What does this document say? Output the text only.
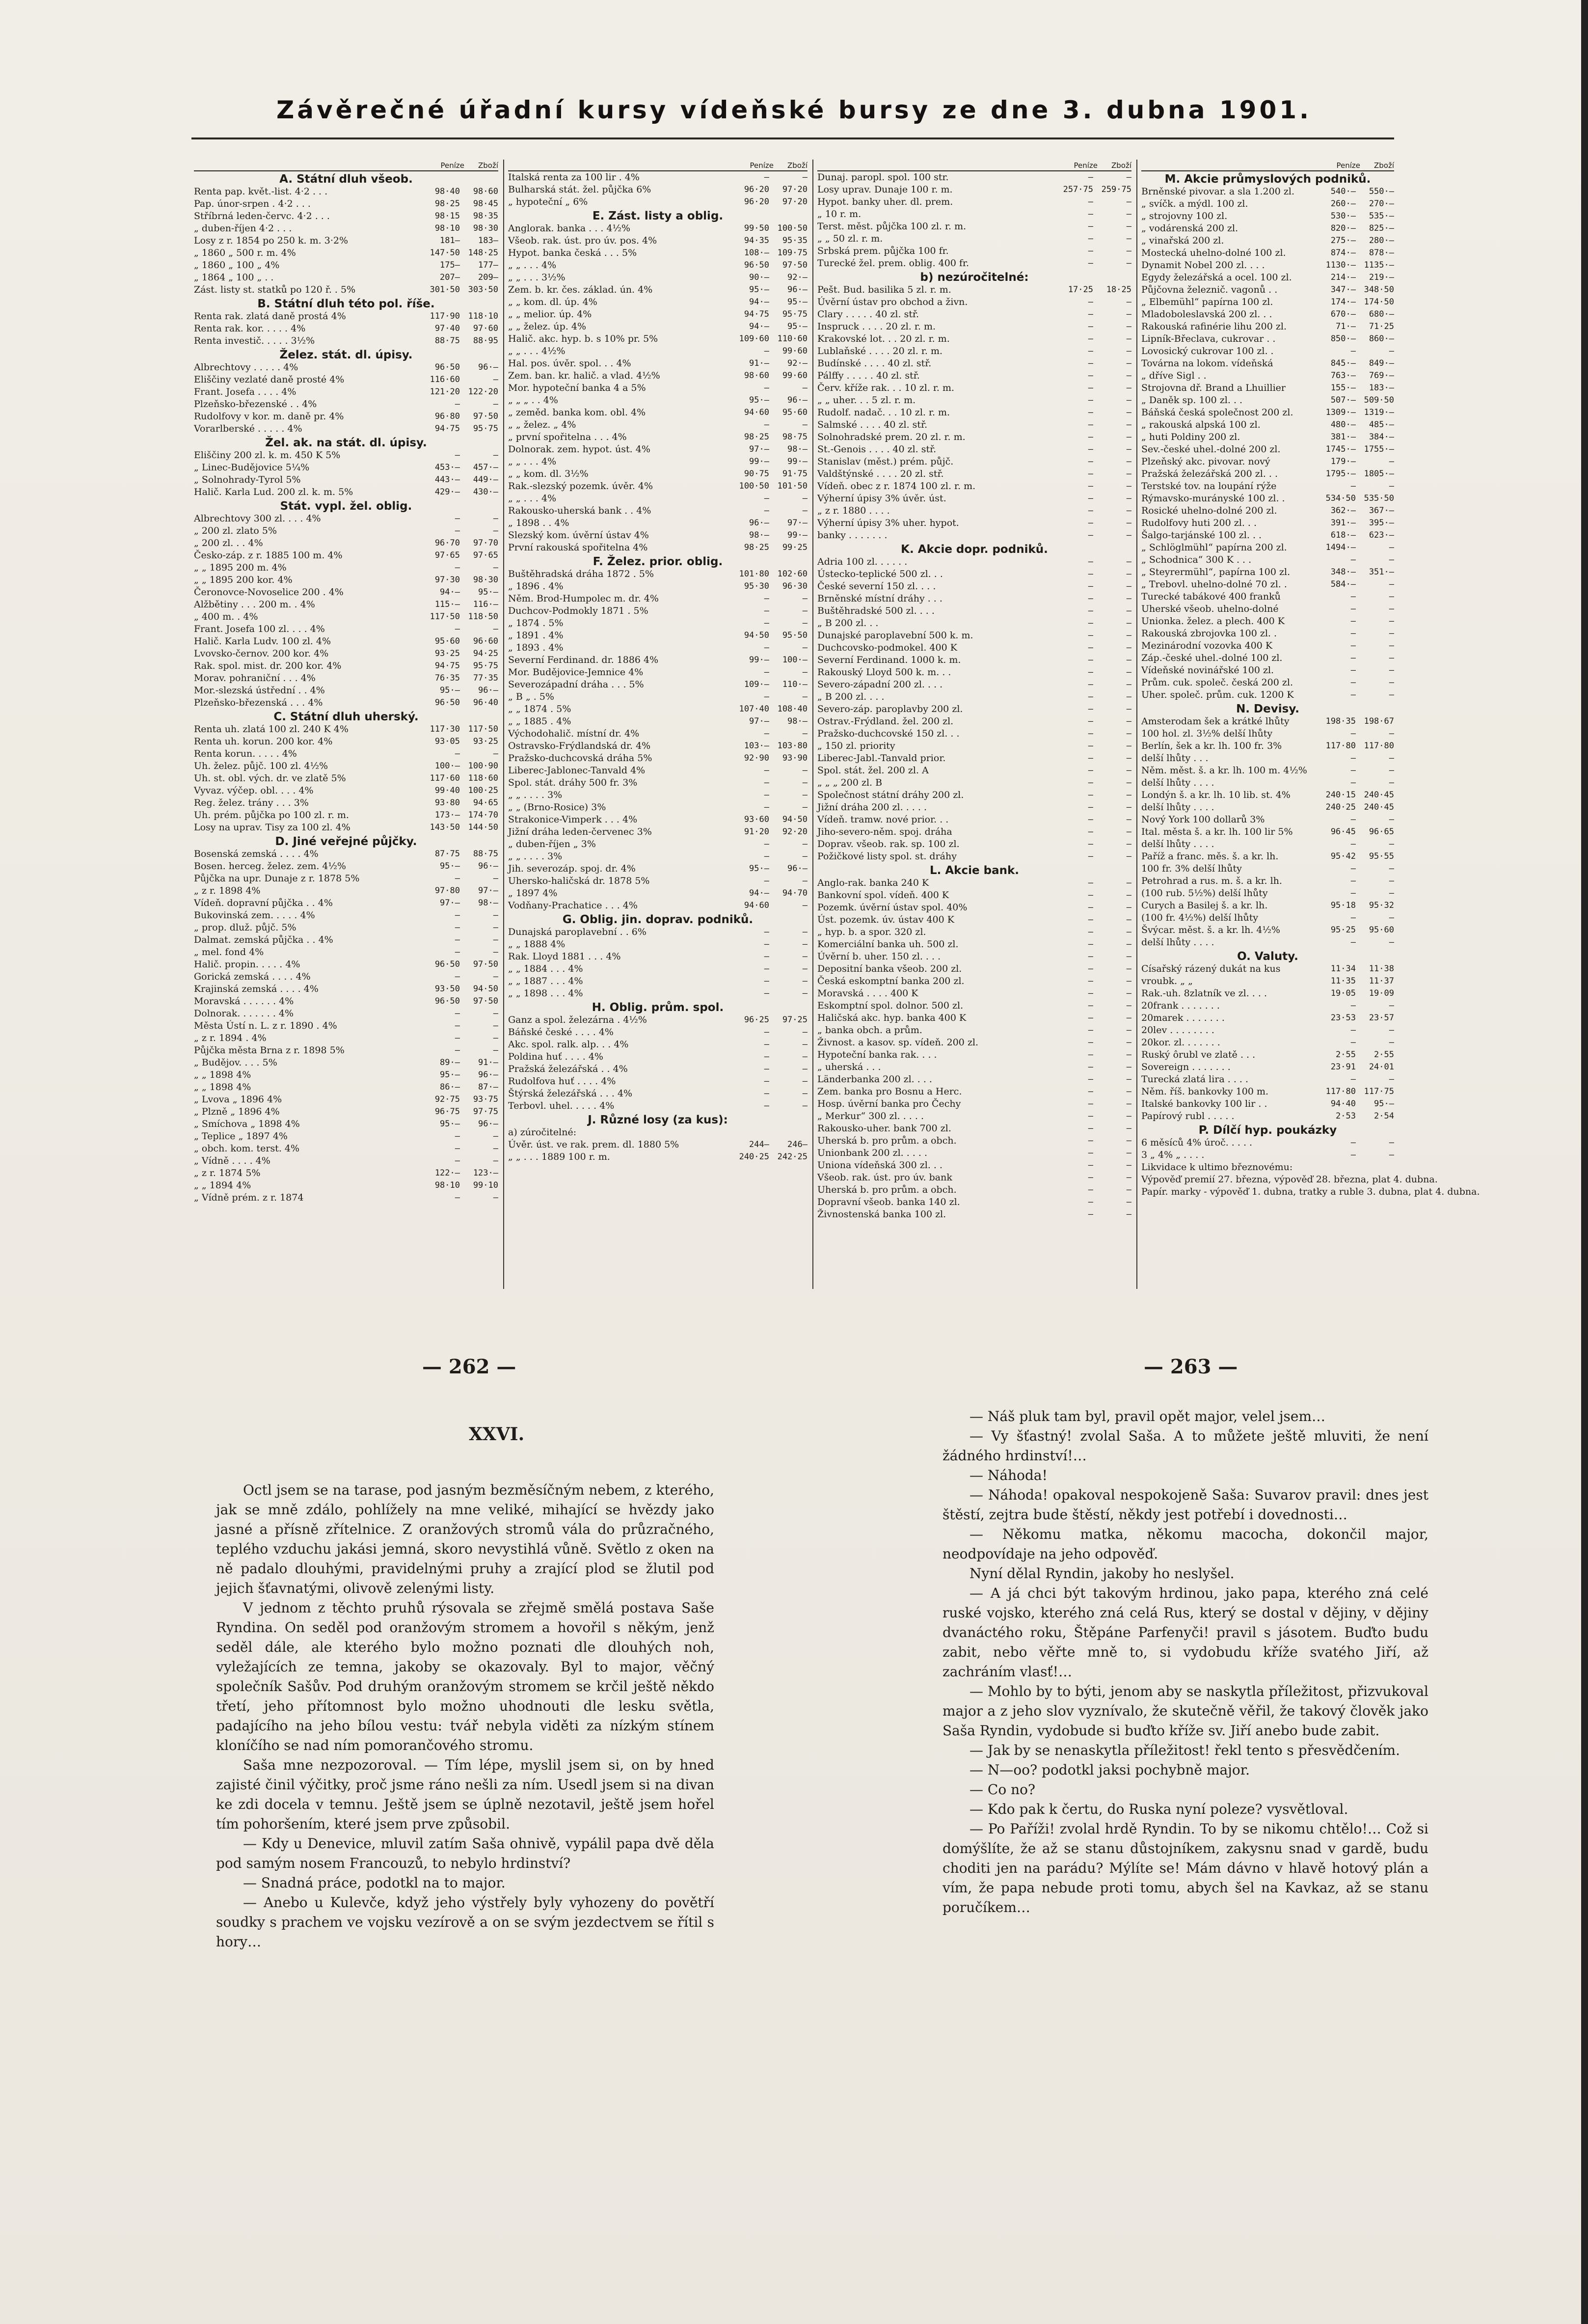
Závěrečné úřadní kursy vídeňské bursy ze dne 3. dubna 1901.
Peníze Zboží
A. Státní dluh všeob.
Renta pap. květ.-list. 4·2 . . .	98·40	98·60
Pap. únor-srpen . 4·2 . . .	98·25	98·45
Stříbrná leden-červc. 4·2 . . .	98·15	98·35
„ duben-říjen 4·2 . . .	98·10	98·30
Losy z r. 1854 po 250 k. m. 3·2%	181—	183—
„ 1860 „ 500 r. m. 4%	147·50 148·25
„ 1860 „ 100 „ 4%	175—	177—
„ 1864 „ 100 „ . .	207—	209—
Zást. listy st. statků po 120 ř. . 5%	301·50 303·50
B. Státní dluh této pol. říše.
Renta rak. zlatá daně prostá 4%	117·90 118·10
Renta rak. kor. . . . . 4%	97·40	97·60
Renta investič. . . . . 3½%	88·75	88·95
Želez. stát. dl. úpisy.
Albrechtovy . . . . . 4%	96·50	96·—
Eliščiny vezlaté daně prosté 4%	116·60	—
Frant. Josefa . . . . 4%	121·20 122·20
Plzeňsko-březenské . . 4%	—	—
Rudolfovy v kor. m. daně pr. 4%	96·80	97·50
Vorarlberské . . . . . 4%	94·75	95·75
Žel. ak. na stát. dl. úpisy.
Eliščiny 200 zl. k. m. 450 K 5%	—	—
„ Linec-Budějovice 5¼%	453·—	457·—
„ Solnohrady-Tyrol 5%	443·—	449·—
Halič. Karla Lud. 200 zl. k. m. 5%	429·—	430·—
Stát. vypl. žel. oblig.
Albrechtovy 300 zl. . . . 4%	—	—
„ 200 zl. zlato 5%	—	—
„ 200 zl. . . 4%	96·70	97·70
Česko-záp. z r. 1885 100 m. 4%	97·65	97·65
„ „ 1895 200 m. 4%	—	—
„ „ 1895 200 kor. 4%	97·30	98·30
Čeronovce-Novoselice 200 . 4%	94·—	95·—
Alžbětiny . . . 200 m. . 4%	115·—	116·—
„ 400 m. . 4%	117·50 118·50
Frant. Josefa 100 zl. . . . 4%	—	—
Halič. Karla Ludv. 100 zl. 4%	95·60	96·60
Lvovsko-černov. 200 kor. 4%	93·25	94·25
Rak. spol. mist. dr. 200 kor. 4%	94·75	95·75
Morav. pohraniční . . . 4%	76·35	77·35
Mor.-slezská ústřední . . 4%	95·—	96·—
Plzeňsko-březenská . . . 4%	96·50	96·40
C. Státní dluh uherský.
Renta uh. zlatá 100 zl. 240 K 4%	117·30 117·50
Renta uh. korun. 200 kor. 4%	93·05	93·25
Renta korun. . . . . 4%	—	—
Uh. želez. půjč. 100 zl. 4½%	100·— 100·90
Uh. st. obl. vých. dr. ve zlatě 5%	117·60 118·60
Vyvaz. výčep. obl. . . . 4%	99·40 100·25
Reg. želez. trány . . . 3%	93·80	94·65
Uh. prém. půjčka po 100 zl. r. m.	173·— 174·70
Losy na uprav. Tisy za 100 zl. 4%	143·50 144·50
D. Jiné veřejné půjčky.
Bosenská zemská . . . . 4%	87·75	88·75
Bosen. herceg. želez. zem. 4½%	95·—	96·—
Půjčka na upr. Dunaje z r. 1878 5%	—	—
„ z r. 1898 4%	97·80	97·—
Vídeň. dopravní půjčka . . 4%	97·—	98·—
Bukovinská zem. . . . . 4%	—	—
„ prop. dluž. půjč. 5%	—	—
Dalmat. zemská půjčka . . 4%	—	—
„ mel. fond 4%	—	—
Halič. propin. . . . . 4%	96·50	97·50
Gorická zemská . . . . 4%	—	—
Krajinská zemská . . . . 4%	93·50	94·50
Moravská . . . . . . 4%	96·50	97·50
Dolnorak. . . . . . . 4%	—	—
Města Ústí n. L. z r. 1890 . 4%	—	—
„ z r. 1894 . 4%	—	—
Půjčka města Brna z r. 1898 5%	—	—
„ Budějov. . . . 5%	89·—	91·—
„ „ 1898 4%	95·—	96·—
„ „ 1898 4%	86·—	87·—
„ Lvova „ 1896 4%	92·75	93·75
„ Plzně „ 1896 4%	96·75	97·75
„ Smíchova „ 1898 4%	95·—	96·—
„ Teplice „ 1897 4%	—	—
„ obch. kom. terst. 4%	—	—
„ Vídně . . . . 4%	—	—
„ z r. 1874 5%	122·—	123·—
„ „ 1894 4%	98·10	99·10
„ Vídně prém. z r. 1874	—	—
Peníze Zboží
Italská renta za 100 lir . 4%	—	—
Bulharská stát. žel. půjčka 6%	96·20	97·20
„ hypoteční „ 6%	96·20	97·20
E. Zást. listy a oblig.
Anglorak. banka . . . 4½%	99·50 100·50
Všeob. rak. úst. pro úv. pos. 4%	94·35	95·35
Hypot. banka česká . . . 5%	108·— 109·75
„ „ . . . 4%	96·50	97·50
„ „ . . . 3½%	90·—	92·—
Zem. b. kr. čes. základ. ún. 4%	95·—	96·—
„ „ kom. dl. úp. 4%	94·—	95·—
„ „ melior. úp. 4%	94·75	95·75
„ „ želez. úp. 4%	94·—	95·—
Halič. akc. hyp. b. s 10% pr. 5%	109·60 110·60
„ „ . . . 4½%	—	99·60
Hal. pos. úvěr. spol. . . 4%	91·—	92·—
Zem. ban. kr. halič. a vlad. 4½%	98·60	99·60
Mor. hypoteční banka 4 a 5%	—	—
„ „ „ . . 4%	95·—	96·—
„ zeměd. banka kom. obl. 4%	94·60	95·60
„ „ želez. „ 4%	—	—
„ první spořitelna . . . 4%	98·25	98·75
Dolnorak. zem. hypot. úst. 4%	97·—	98·—
„ „ . . . 4%	99·—	99·—
„ „ kom. dl. 3½%	90·75	91·75
Rak.-slezský pozemk. úvěr. 4%	100·50 101·50
„ „ . . . 4%	—	—
Rakousko-uherská bank . . 4%	—	—
„ 1898 . . 4%	96·—	97·—
Slezský kom. úvěrní ústav 4%	98·—	99·—
První rakouská spořitelna 4%	98·25	99·25
F. Želez. prior. oblig.
Buštěhradská dráha 1872 . 5%	101·80 102·60
„ 1896 . 4%	95·30	96·30
Něm. Brod-Humpolec m. dr. 4%	—	—
Duchcov-Podmokly 1871 . 5%	—	—
„ 1874 . 5%	—	—
„ 1891 . 4%	94·50	95·50
„ 1893 . 4%	—	—
Severní Ferdinand. dr. 1886 4%	99·—	100·—
Mor. Budějovice-Jemnice 4%	—	—
Severozápadní dráha . . . 5%	109·—	110·—
„ B „ . 5%	—	—
„ „ 1874 . 5%	107·40 108·40
„ „ 1885 . 4%	97·—	98·—
Východohalič. místní dr. 4%	—	—
Ostravsko-Frýdlandská dr. 4%	103·— 103·80
Pražsko-duchcovská dráha 5%	92·90	93·90
Liberec-Jablonec-Tanvald 4%	—	—
Spol. stát. dráhy 500 fr. 3%	—	—
„ „ . . . . 3%	—	—
„ „ (Brno-Rosice) 3%	—	—
Strakonice-Vimperk . . . 4%	93·60	94·50
Jižní dráha leden-červenec 3%	91·20	92·20
„ duben-říjen „ 3%	—	—
„ „ . . . . 3%	—	—
Jih. severozáp. spoj. dr. 4%	95·—	96·—
Uhersko-haličská dr. 1878 5%	—	—
„ 1897 4%	94·—	94·70
Vodňany-Prachatice . . . 4%	94·60	—
G. Oblig. jin. doprav. podniků.
Dunajská paroplavební . . 6%	—	—
„ „ 1888 4%	—	—
Rak. Lloyd 1881 . . . 4%	—	—
„ „ 1884 . . . 4%	—	—
„ „ 1887 . . . 4%	—	—
„ „ 1898 . . . 4%	—	—
H. Oblig. prům. spol.
Ganz a spol. železárna . 4½%	96·25	97·25
Báňské české . . . . 4%	—	—
Akc. spol. ralk. alp. . . 4%	—	—
Poldina huť . . . . 4%	—	—
Pražská železářská . . 4%	—	—
Rudolfova huť . . . . 4%	—	—
Štýrská železářská . . . 4%	—	—
Terbovl. uhel. . . . . 4%	—	—
J. Různé losy (za kus):
a) zúročitelné:
Úvěr. úst. ve rak. prem. dl. 1880 5%	244—	246—
„ „ . . . 1889 100 r. m.	240·25 242·25
Peníze Zboží
Dunaj. paropl. spol. 100 str.	—	—
Losy uprav. Dunaje 100 r. m.	257·75 259·75
Hypot. banky uher. dl. prem.	—	—
„ 10 r. m.	—	—
Terst. měst. půjčka 100 zl. r. m.	—	—
„ „ 50 zl. r. m.	—	—
Srbská prem. půjčka 100 fr.	—	—
Turecké žel. prem. oblig. 400 fr.	—	—
b) nezúročitelné:
Pešt. Bud. basilika 5 zl. r. m.	17·25	18·25
Úvěrní ústav pro obchod a živn.	—	—
Clary . . . . . 40 zl. stř.	—	—
Inspruck . . . . 20 zl. r. m.	—	—
Krakovské lot. . . 20 zl. r. m.	—	—
Lublaňské . . . . 20 zl. r. m.	—	—
Budínské . . . . 40 zl. stř.	—	—
Pálffy . . . . . 40 zl. stř.	—	—
Červ. kříže rak. . . 10 zl. r. m.	—	—
„ „ uher. . . 5 zl. r. m.	—	—
Rudolf. nadač. . . 10 zl. r. m.	—	—
Salmské . . . . 40 zl. stř.	—	—
Solnohradské prem. 20 zl. r. m.	—	—
St.-Genois . . . . 40 zl. stř.	—	—
Stanislav (měst.) prém. půjč.	—	—
Valdštýnské . . . . 20 zl. stř.	—	—
Vídeň. obec z r. 1874 100 zl. r. m.	—	—
Výherní úpisy 3% úvěr. úst.	—	—
„ z r. 1880 . . . .	—	—
Výherní úpisy 3% uher. hypot.	—	—
banky . . . . . . .	—	—
K. Akcie dopr. podniků.
Adria 100 zl. . . . . .	—	—
Ústecko-teplické 500 zl. . .	—	—
České severní 150 zl. . . .	—	—
Brněnské místní dráhy . . .	—	—
Buštěhradské 500 zl. . . .	—	—
„ B 200 zl. . .	—	—
Dunajské paroplavební 500 k. m.	—	—
Duchcovsko-podmokel. 400 K	—	—
Severní Ferdinand. 1000 k. m.	—	—
Rakouský Lloyd 500 k. m. . .	—	—
Severo-západní 200 zl. . . .	—	—
„ B 200 zl. . . .	—	—
Severo-záp. paroplavby 200 zl.	—	—
Ostrav.-Frýdland. žel. 200 zl.	—	—
Pražsko-duchcovské 150 zl. . .	—	—
„ 150 zl. priority	—	—
Liberec-Jabl.-Tanvald prior.	—	—
Spol. stát. žel. 200 zl. A	—	—
„ „ „ 200 zl. B	—	—
Společnost státní dráhy 200 zl.	—	—
Jižní dráha 200 zl. . . . .	—	—
Vídeň. tramw. nové prior. . .	—	—
Jiho-severo-něm. spoj. dráha	—	—
Doprav. všeob. rak. sp. 100 zl.	—	—
Požičkové listy spol. st. dráhy	—	—
L. Akcie bank.
Anglo-rak. banka 240 K	—	—
Bankovní spol. vídeň. 400 K	—	—
Pozemk. úvěrní ústav spol. 40%	—	—
Úst. pozemk. úv. ústav 400 K	—	—
„ hyp. b. a spor. 320 zl.	—	—
Komerciální banka uh. 500 zl.	—	—
Úvěrní b. uher. 150 zl. . . .	—	—
Depositní banka všeob. 200 zl.	—	—
Česká eskomptní banka 200 zl.	—	—
Moravská . . . . 400 K	—	—
Eskomptní spol. dolnor. 500 zl.	—	—
Haličská akc. hyp. banka 400 K	—	—
„ banka obch. a prům.	—	—
Živnost. a kasov. sp. vídeň. 200 zl.	—	—
Hypoteční banka rak. . . .	—	—
„ uherská . . .	—	—
Länderbanka 200 zl. . . .	—	—
Zem. banka pro Bosnu a Herc.	—	—
Hosp. úvěrní banka pro Čechy	—	—
„ Merkur“ 300 zl. . . . .	—	—
Rakousko-uher. bank 700 zl.	—	—
Uherská b. pro prům. a obch.	—	—
Unionbank 200 zl. . . . .	—	—
Uniona vídeňská 300 zl. . .	—	—
Všeob. rak. úst. pro úv. bank	—	—
Uherská b. pro prům. a obch.	—	—
Dopravní všeob. banka 140 zl.	—	—
Živnostenská banka 100 zl.	—	—
Peníze Zboží
M. Akcie průmyslových podniků.
Brněnské pivovar. a sla 1.200 zl.	540·—	550·—
„ svíčk. a mýdl. 100 zl.	260·—	270·—
„ strojovny 100 zl.	530·—	535·—
„ vodárenská 200 zl.	820·—	825·—
„ vinařská 200 zl.	275·—	280·—
Mostecká uhelno-dolné 100 zl.	874·—	878·—
Dynamit Nobel 200 zl. . . .	1130·— 1135·—
Egydy železářská a ocel. 100 zl.	214·—	219·—
Půjčovna železnič. vagonů . .	347·— 348·50
„ Elbemühl“ papírna 100 zl.	174·— 174·50
Mladoboleslavská 200 zl. . .	670·—	680·—
Rakouská rafinérie lihu 200 zl.	71·—	71·25
Lipník-Břeclava, cukrovar . .	850·—	860·—
Lovosický cukrovar 100 zl. .	—	—
Továrna na lokom. vídeňská	845·—	849·—
„ dříve Sigl . .	763·—	769·—
Strojovna dř. Brand a Lhuillier	155·—	183·—
„ Daněk sp. 100 zl. . .	507·— 509·50
Báňská česká společnost 200 zl.	1309·— 1319·—
„ rakouská alpská 100 zl.	480·—	485·—
„ huti Poldiny 200 zl.	381·—	384·—
Sev.-české uhel.-dolné 200 zl.	1745·— 1755·—
Plzeňský akc. pivovar. nový	179·—	—
Pražská železářská 200 zl. . .	1795·— 1805·—
Terstské tov. na loupání rýže	—	—
Rýmavsko-murányské 100 zl. .	534·50 535·50
Rosické uhelno-dolné 200 zl.	362·—	367·—
Rudolfovy huti 200 zl. . .	391·—	395·—
Šalgo-tarjánské 100 zl. . .	618·—	623·—
„ Schlöglmühl“ papírna 200 zl.	1494·—	—
„ Schodnica“ 300 K . . .	—	—
„ Steyrermühl“, papírna 100 zl.	348·—	351·—
„ Trebovl. uhelno-dolné 70 zl. .	584·—	—
Turecké tabákové 400 franků	—	—
Uherské všeob. uhelno-dolné	—	—
Unionka. želez. a plech. 400 K	—	—
Rakouská zbrojovka 100 zl. .	—	—
Mezinárodní vozovka 400 K	—	—
Záp.-české uhel.-dolné 100 zl.	—	—
Vídeňské novinářské 100 zl.	—	—
Prům. cuk. společ. česká 200 zl.	—	—
Uher. společ. prům. cuk. 1200 K	—	—
N. Devisy.
Amsterodam šek a krátké lhůty	198·35 198·67
100 hol. zl. 3½% delší lhůty	—	—
Berlín, šek a kr. lh. 100 fr. 3%	117·80 117·80
delší lhůty . . .	—	—
Něm. měst. š. a kr. lh. 100 m. 4½%	—	—
delší lhůty . . . .	—	—
Londýn š. a kr. lh. 10 lib. st. 4%	240·15 240·45
delší lhůty . . . .	240·25 240·45
Nový York 100 dollarů 3%	—	—
Ital. města š. a kr. lh. 100 lir 5%	96·45	96·65
delší lhůty . . . .	—	—
Paříž a franc. měs. š. a kr. lh.	95·42	95·55
100 fr. 3% delší lhůty	—	—
Petrohrad a rus. m. š. a kr. lh.	—	—
(100 rub. 5½%) delší lhůty	—	—
Curych a Basilej š. a kr. lh.	95·18	95·32
(100 fr. 4½%) delší lhůty	—	—
Švýcar. měst. š. a kr. lh. 4½%	95·25	95·60
delší lhůty . . . .	—	—
O. Valuty.
Císařský rázený dukát na kus	11·34	11·38
vroubk. „ „	11·35	11·37
Rak.-uh. 8zlatník ve zl. . . .	19·05	19·09
20frank . . . . . . .	—	—
20marek . . . . . . .	23·53	23·57
20lev . . . . . . . .	—	—
20kor. zl. . . . . . .	—	—
Ruský ôrubl ve zlatě . . .	2·55	2·55
Sovereign . . . . . . .	23·91	24·01
Turecká zlatá lira . . . .	—	—
Něm. říš. bankovky 100 m.	117·80 117·75
Italské bankovky 100 lir . .	94·40	95·—
Papírový rubl . . . . .	2·53	2·54
P. Dílčí hyp. poukázky
6 měsíců 4% úroč. . . . .	—	—
3 „ 4% „ . . . .	—	—
Likvidace k ultimo březnovému:
Výpověď premií 27. března, výpověď 28. března, plat 4. dubna.
Papír. marky - výpověď 1. dubna, tratky a ruble 3. dubna, plat 4. dubna.
— 262 —	— 263 —
XXVI.

Octl jsem se na tarase, pod jasným bezměsíčným nebem, z kterého, jak se mně zdálo, pohlížely na mne veliké, mihající se hvězdy jako jasné a přísně zřítelnice. Z oranžových stromů vála do průzračného, teplého vzduchu jakási jemná, skoro nevystihlá vůně. Světlo z oken na ně padalo dlouhými, pravidelnými pruhy a zrající plod se žlutil pod jejich šťavnatými, olivově zelenými listy.

V jednom z těchto pruhů rýsovala se zřejmě smělá postava Saše Ryndina. On seděl pod oranžovým stromem a hovořil s někým, jenž seděl dále, ale kterého bylo možno poznati dle dlouhých noh, vyležajících ze temna, jakoby se okazovaly. Byl to major, věčný společník Sašův. Pod druhým oranžovým stromem se krčil ještě někdo třetí, jeho přítomnost bylo možno uhodnouti dle lesku světla, padajícího na jeho bílou vestu: tvář nebyla viděti za nízkým stínem kloníčího se nad ním pomorančového stromu.

Saša mne nezpozoroval. — Tím lépe, myslil jsem si, on by hned zajisté činil výčitky, proč jsme ráno nešli za ním. Usedl jsem si na divan ke zdi docela v temnu. Ještě jsem se úplně nezotavil, ještě jsem hořel tím pohoršením, které jsem prve způsobil.

— Kdy u Denevice, mluvil zatím Saša ohnivě, vypálil papa dvě děla pod samým nosem Francouzů, to nebylo hrdinství?

— Snadná práce, podotkl na to major.

— Anebo u Kulevče, když jeho výstřely byly vyhozeny do povětří soudky s prachem ve vojsku vezírově a on se svým jezdectvem se řítil s hory…

— Náš pluk tam byl, pravil opět major, velel jsem…

— Vy šťastný! zvolal Saša. A to můžete ještě mluviti, že není žádného hrdinství!…

— Náhoda!

— Náhoda! opakoval nespokojeně Saša: Suvarov pravil: dnes jest štěstí, zejtra bude štěstí, někdy jest potřebí i dovednosti…

— Někomu matka, někomu macocha, dokončil major, neodpovídaje na jeho odpověď.

Nyní dělal Ryndin, jakoby ho neslyšel.

— A já chci být takovým hrdinou, jako papa, kterého zná celé ruské vojsko, kterého zná celá Rus, který se dostal v dějiny, v dějiny dvanáctého roku, Štěpáne Parfenyči! pravil s jásotem. Buďto budu zabit, nebo věřte mně to, si vydobudu kříže svatého Jiří, až zachráním vlasť!…

— Mohlo by to býti, jenom aby se naskytla příležitost, přizvukoval major a z jeho slov vyznívalo, že skutečně věřil, že takový člověk jako Saša Ryndin, vydobude si buďto kříže sv. Jiří anebo bude zabit.

— Jak by se nenaskytla příležitost! řekl tento s přesvědčením.

— N—oo? podotkl jaksi pochybně major.

— Co no?

— Kdo pak k čertu, do Ruska nyní poleze? vysvětloval.

— Po Paříži! zvolal hrdě Ryndin. To by se nikomu chtělo!… Což si domýšlíte, že až se stanu důstojníkem, zakysnu snad v gardě, budu choditi jen na parádu? Mýlíte se! Mám dávno v hlavě hotový plán a vím, že papa nebude proti tomu, abych šel na Kavkaz, až se stanu poručíkem…
